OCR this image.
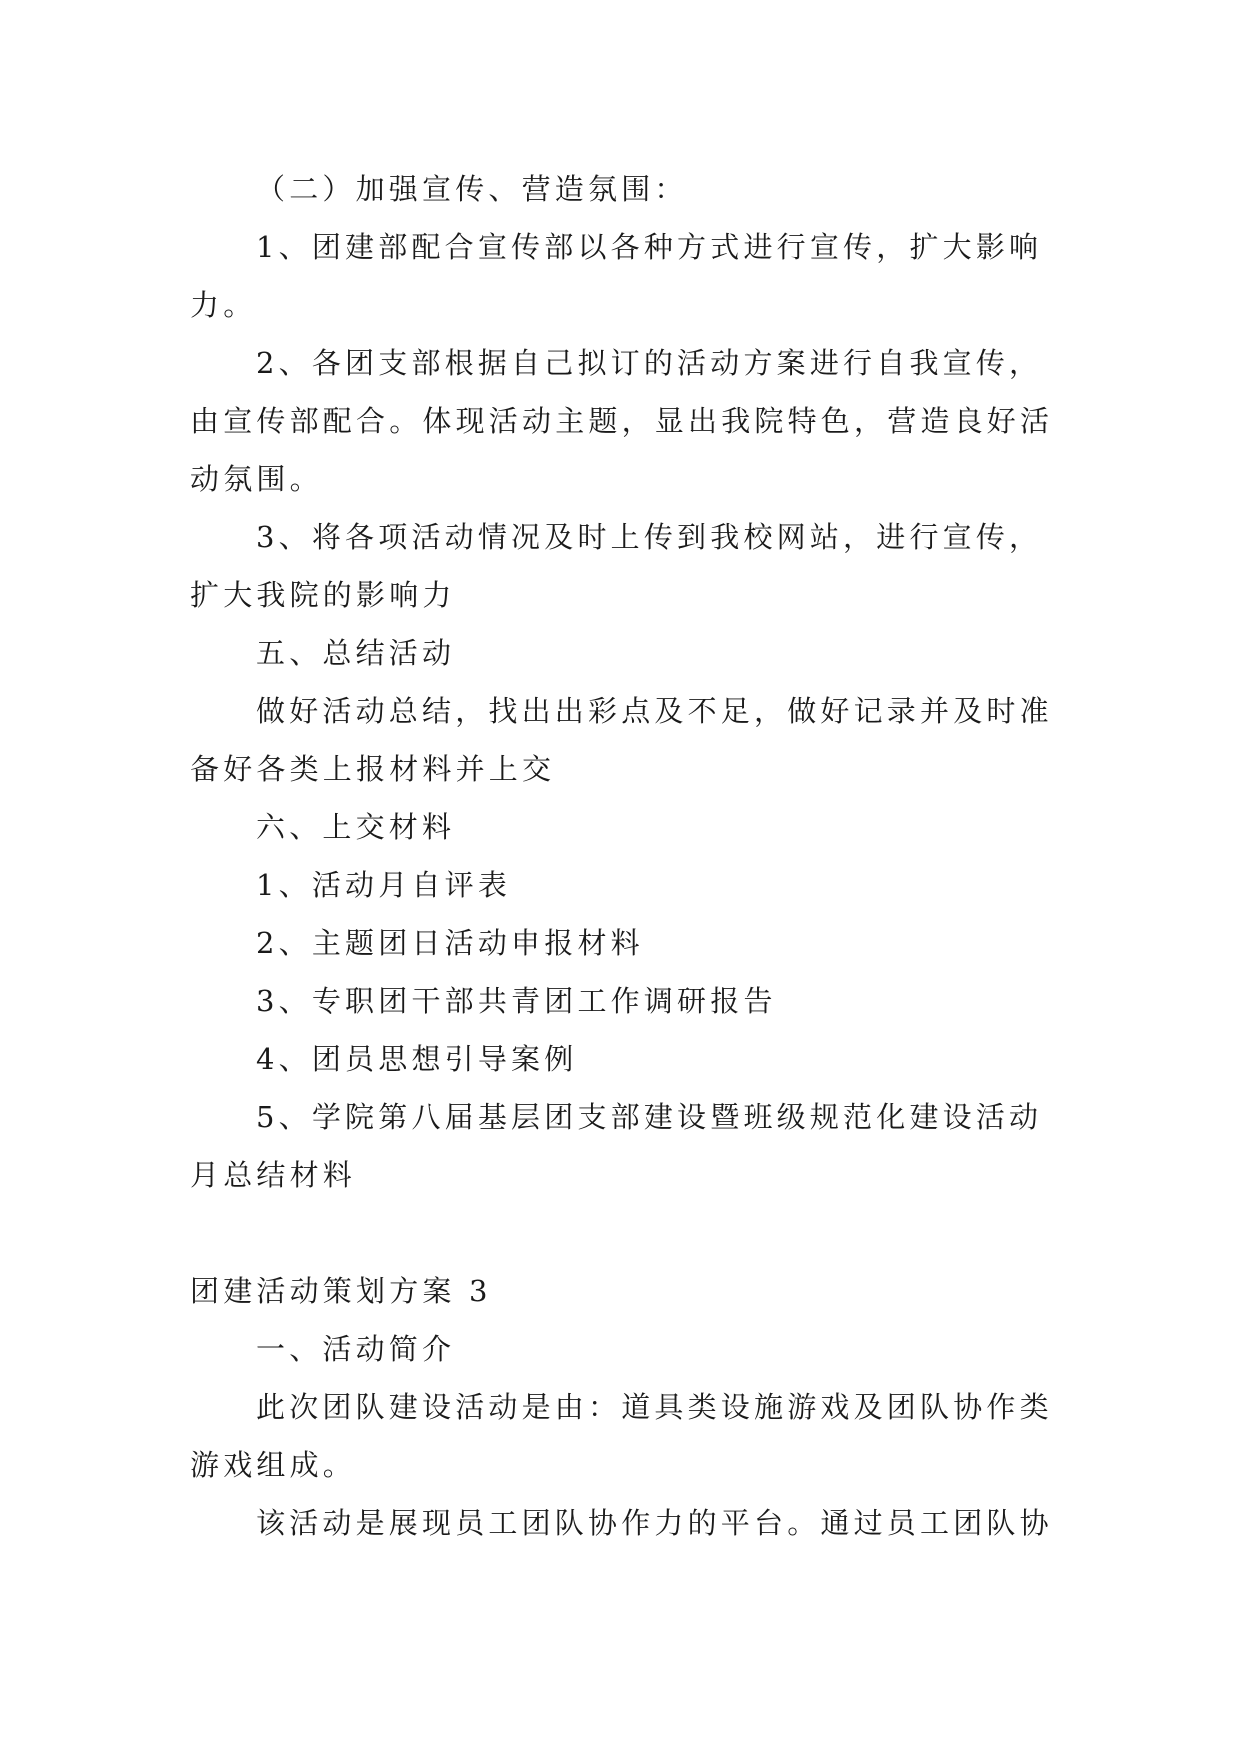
（二）加强宣传、营造氛围：

1、团建部配合宣传部以各种方式进行宣传，扩大影响力。

2、各团支部根据自己拟订的活动方案进行自我宣传，由宣传部配合。体现活动主题，显出我院特色，营造良好活动氛围。

3、将各项活动情况及时上传到我校网站，进行宣传，扩大我院的影响力

五、总结活动

做好活动总结，找出出彩点及不足，做好记录并及时准备好各类上报材料并上交

六、上交材料

1、活动月自评表

2、主题团日活动申报材料

3、专职团干部共青团工作调研报告

4、团员思想引导案例

5、学院第八届基层团支部建设暨班级规范化建设活动月总结材料

团建活动策划方案 3

一、活动简介

此次团队建设活动是由：道具类设施游戏及团队协作类游戏组成。

该活动是展现员工团队协作力的平台。通过员工团队协
